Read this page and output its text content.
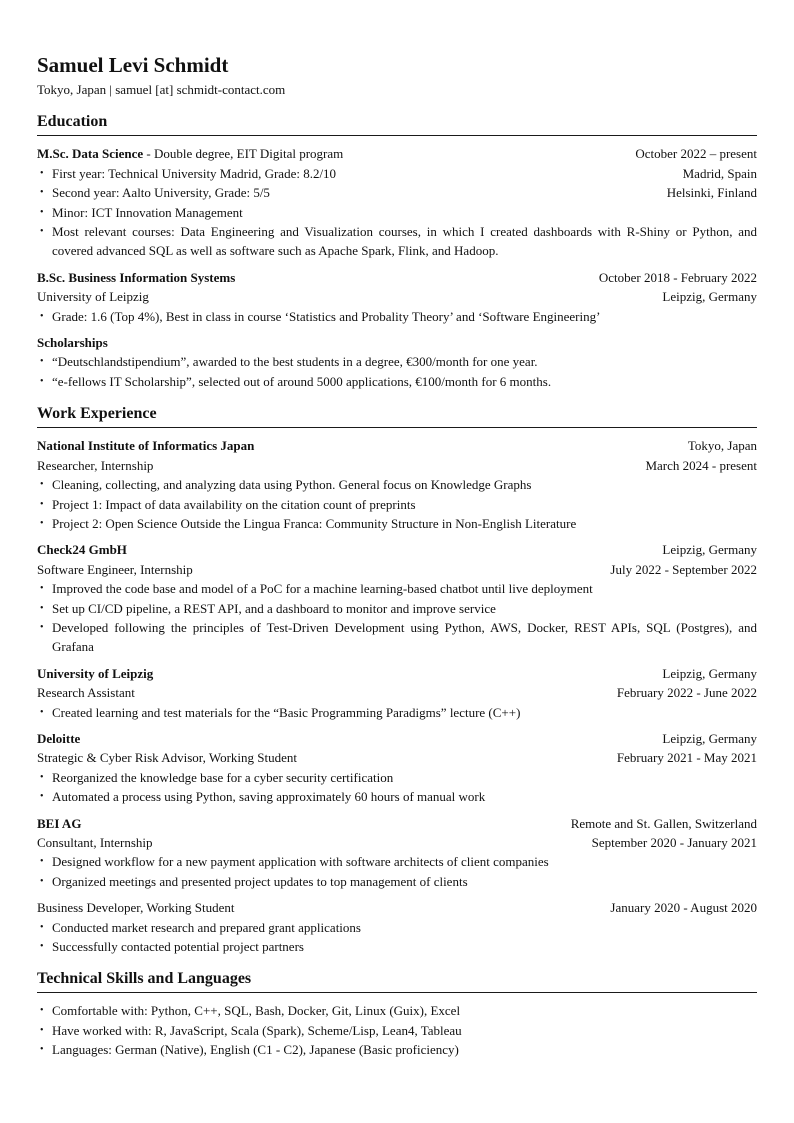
Samuel Levi Schmidt
Tokyo, Japan | samuel [at] schmidt-contact.com
Education
M.Sc. Data Science - Double degree, EIT Digital program	October 2022 – present
• First year: Technical University Madrid, Grade: 8.2/10	Madrid, Spain
• Second year: Aalto University, Grade: 5/5	Helsinki, Finland
• Minor: ICT Innovation Management
• Most relevant courses: Data Engineering and Visualization courses, in which I created dashboards with R-Shiny or Python, and covered advanced SQL as well as software such as Apache Spark, Flink, and Hadoop.
B.Sc. Business Information Systems	October 2018 - February 2022
University of Leipzig	Leipzig, Germany
• Grade: 1.6 (Top 4%), Best in class in course ‘Statistics and Probality Theory’ and ‘Software Engineering’
Scholarships
• “Deutschlandstipendium”, awarded to the best students in a degree, €300/month for one year.
• “e-fellows IT Scholarship”, selected out of around 5000 applications, €100/month for 6 months.
Work Experience
National Institute of Informatics Japan	Tokyo, Japan
Researcher, Internship	March 2024 - present
• Cleaning, collecting, and analyzing data using Python. General focus on Knowledge Graphs
• Project 1: Impact of data availability on the citation count of preprints
• Project 2: Open Science Outside the Lingua Franca: Community Structure in Non-English Literature
Check24 GmbH	Leipzig, Germany
Software Engineer, Internship	July 2022 - September 2022
• Improved the code base and model of a PoC for a machine learning-based chatbot until live deployment
• Set up CI/CD pipeline, a REST API, and a dashboard to monitor and improve service
• Developed following the principles of Test-Driven Development using Python, AWS, Docker, REST APIs, SQL (Postgres), and Grafana
University of Leipzig	Leipzig, Germany
Research Assistant	February 2022 - June 2022
• Created learning and test materials for the “Basic Programming Paradigms” lecture (C++)
Deloitte	Leipzig, Germany
Strategic & Cyber Risk Advisor, Working Student	February 2021 - May 2021
• Reorganized the knowledge base for a cyber security certification
• Automated a process using Python, saving approximately 60 hours of manual work
BEI AG	Remote and St. Gallen, Switzerland
Consultant, Internship	September 2020 - January 2021
• Designed workflow for a new payment application with software architects of client companies
• Organized meetings and presented project updates to top management of clients
Business Developer, Working Student	January 2020 - August 2020
• Conducted market research and prepared grant applications
• Successfully contacted potential project partners
Technical Skills and Languages
• Comfortable with: Python, C++, SQL, Bash, Docker, Git, Linux (Guix), Excel
• Have worked with: R, JavaScript, Scala (Spark), Scheme/Lisp, Lean4, Tableau
• Languages: German (Native), English (C1 - C2), Japanese (Basic proficiency)
